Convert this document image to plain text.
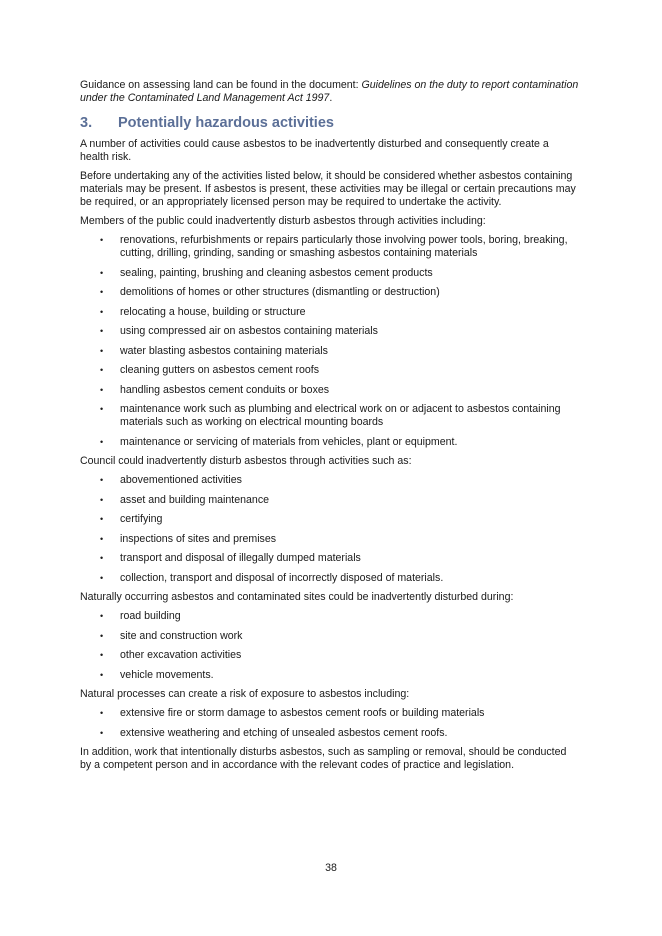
Guidance on assessing land can be found in the document: Guidelines on the duty to report contamination under the Contaminated Land Management Act 1997.

3. Potentially hazardous activities

A number of activities could cause asbestos to be inadvertently disturbed and consequently create a health risk.

Before undertaking any of the activities listed below, it should be considered whether asbestos containing materials may be present. If asbestos is present, these activities may be illegal or certain precautions may be required, or an appropriately licensed person may be required to undertake the activity.

Members of the public could inadvertently disturb asbestos through activities including:

• renovations, refurbishments or repairs particularly those involving power tools, boring, breaking, cutting, drilling, grinding, sanding or smashing asbestos containing materials
• sealing, painting, brushing and cleaning asbestos cement products
• demolitions of homes or other structures (dismantling or destruction)
• relocating a house, building or structure
• using compressed air on asbestos containing materials
• water blasting asbestos containing materials
• cleaning gutters on asbestos cement roofs
• handling asbestos cement conduits or boxes
• maintenance work such as plumbing and electrical work on or adjacent to asbestos containing materials such as working on electrical mounting boards
• maintenance or servicing of materials from vehicles, plant or equipment.

Council could inadvertently disturb asbestos through activities such as:

• abovementioned activities
• asset and building maintenance
• certifying
• inspections of sites and premises
• transport and disposal of illegally dumped materials
• collection, transport and disposal of incorrectly disposed of materials.

Naturally occurring asbestos and contaminated sites could be inadvertently disturbed during:

• road building
• site and construction work
• other excavation activities
• vehicle movements.

Natural processes can create a risk of exposure to asbestos including:

• extensive fire or storm damage to asbestos cement roofs or building materials
• extensive weathering and etching of unsealed asbestos cement roofs.

In addition, work that intentionally disturbs asbestos, such as sampling or removal, should be conducted by a competent person and in accordance with the relevant codes of practice and legislation.

38
